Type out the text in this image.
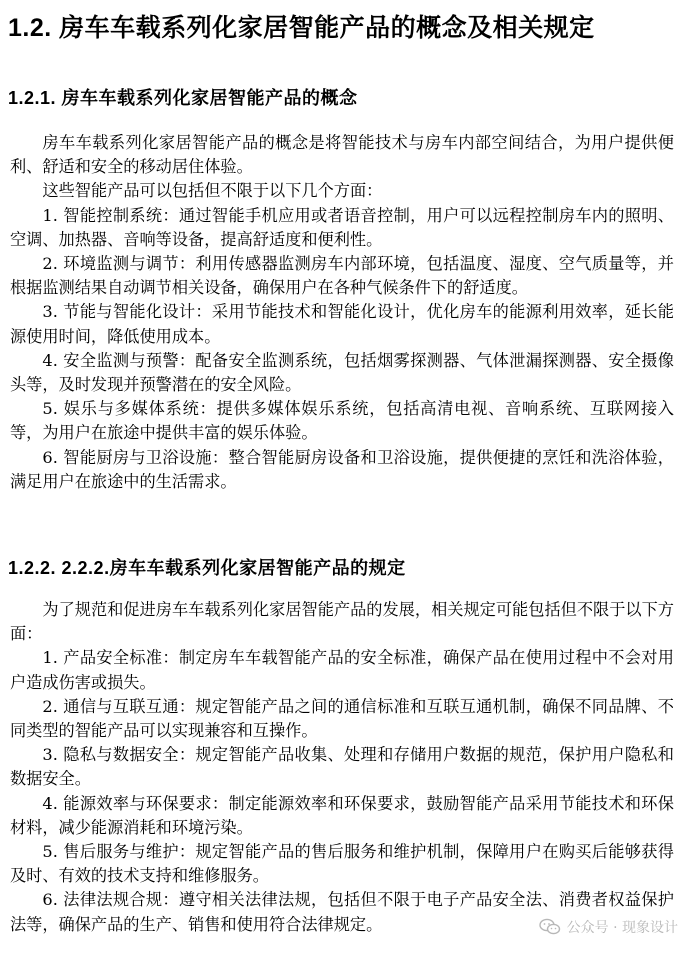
1.2. 房车车载系列化家居智能产品的概念及相关规定
1.2.1. 房车车载系列化家居智能产品的概念

房车车载系列化家居智能产品的概念是将智能技术与房车内部空间结合，为用户提供便利、舒适和安全的移动居住体验。

这些智能产品可以包括但不限于以下几个方面：

1. 智能控制系统：通过智能手机应用或者语音控制，用户可以远程控制房车内的照明、空调、加热器、音响等设备，提高舒适度和便利性。

2. 环境监测与调节：利用传感器监测房车内部环境，包括温度、湿度、空气质量等，并根据监测结果自动调节相关设备，确保用户在各种气候条件下的舒适度。

3. 节能与智能化设计：采用节能技术和智能化设计，优化房车的能源利用效率，延长能源使用时间，降低使用成本。

4. 安全监测与预警：配备安全监测系统，包括烟雾探测器、气体泄漏探测器、安全摄像头等，及时发现并预警潜在的安全风险。

5. 娱乐与多媒体系统：提供多媒体娱乐系统，包括高清电视、音响系统、互联网接入等，为用户在旅途中提供丰富的娱乐体验。

6. 智能厨房与卫浴设施：整合智能厨房设备和卫浴设施，提供便捷的烹饪和洗浴体验，满足用户在旅途中的生活需求。

1.2.2. 2.2.2.房车车载系列化家居智能产品的规定

为了规范和促进房车车载系列化家居智能产品的发展，相关规定可能包括但不限于以下方面：

1. 产品安全标准：制定房车车载智能产品的安全标准，确保产品在使用过程中不会对用户造成伤害或损失。

2. 通信与互联互通：规定智能产品之间的通信标准和互联互通机制，确保不同品牌、不同类型的智能产品可以实现兼容和互操作。

3. 隐私与数据安全：规定智能产品收集、处理和存储用户数据的规范，保护用户隐私和数据安全。

4. 能源效率与环保要求：制定能源效率和环保要求，鼓励智能产品采用节能技术和环保材料，减少能源消耗和环境污染。

5. 售后服务与维护：规定智能产品的售后服务和维护机制，保障用户在购买后能够获得及时、有效的技术支持和维修服务。

6. 法律法规合规：遵守相关法律法规，包括但不限于电子产品安全法、消费者权益保护法等，确保产品的生产、销售和使用符合法律规定。	公众号 · 现象设计
